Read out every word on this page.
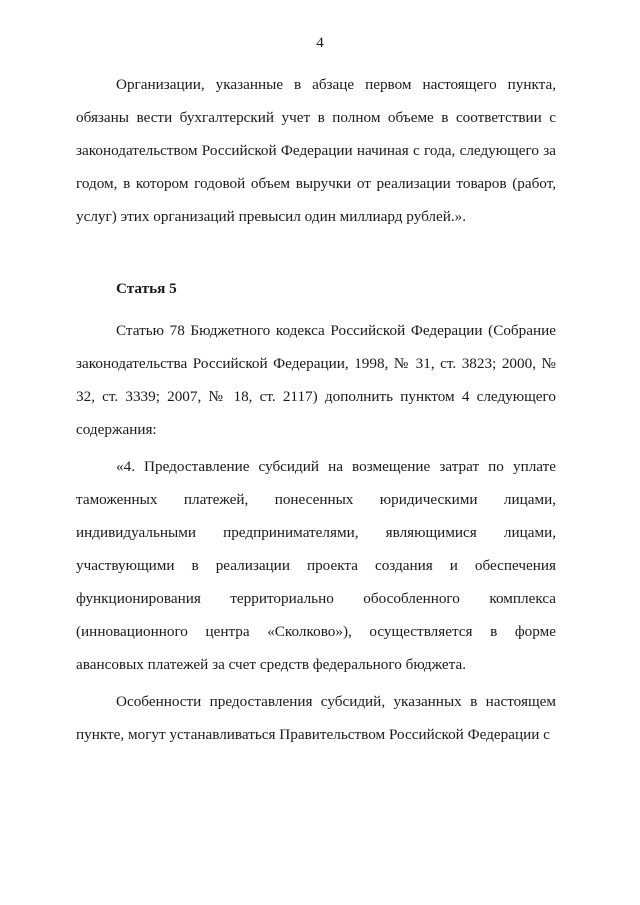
4

Организации, указанные в абзаце первом настоящего пункта, обязаны вести бухгалтерский учет в полном объеме в соответствии с законодательством Российской Федерации начиная с года, следующего за годом, в котором годовой объем выручки от реализации товаров (работ, услуг) этих организаций превысил один миллиард рублей.».

Статья 5

Статью 78 Бюджетного кодекса Российской Федерации (Собрание законодательства Российской Федерации, 1998, № 31, ст. 3823; 2000, № 32, ст. 3339; 2007, № 18, ст. 2117) дополнить пунктом 4 следующего содержания:

«4. Предоставление субсидий на возмещение затрат по уплате таможенных платежей, понесенных юридическими лицами, индивидуальными предпринимателями, являющимися лицами, участвующими в реализации проекта создания и обеспечения функционирования территориально обособленного комплекса (инновационного центра «Сколково»), осуществляется в форме авансовых платежей за счет средств федерального бюджета.

Особенности предоставления субсидий, указанных в настоящем пункте, могут устанавливаться Правительством Российской Федерации с
